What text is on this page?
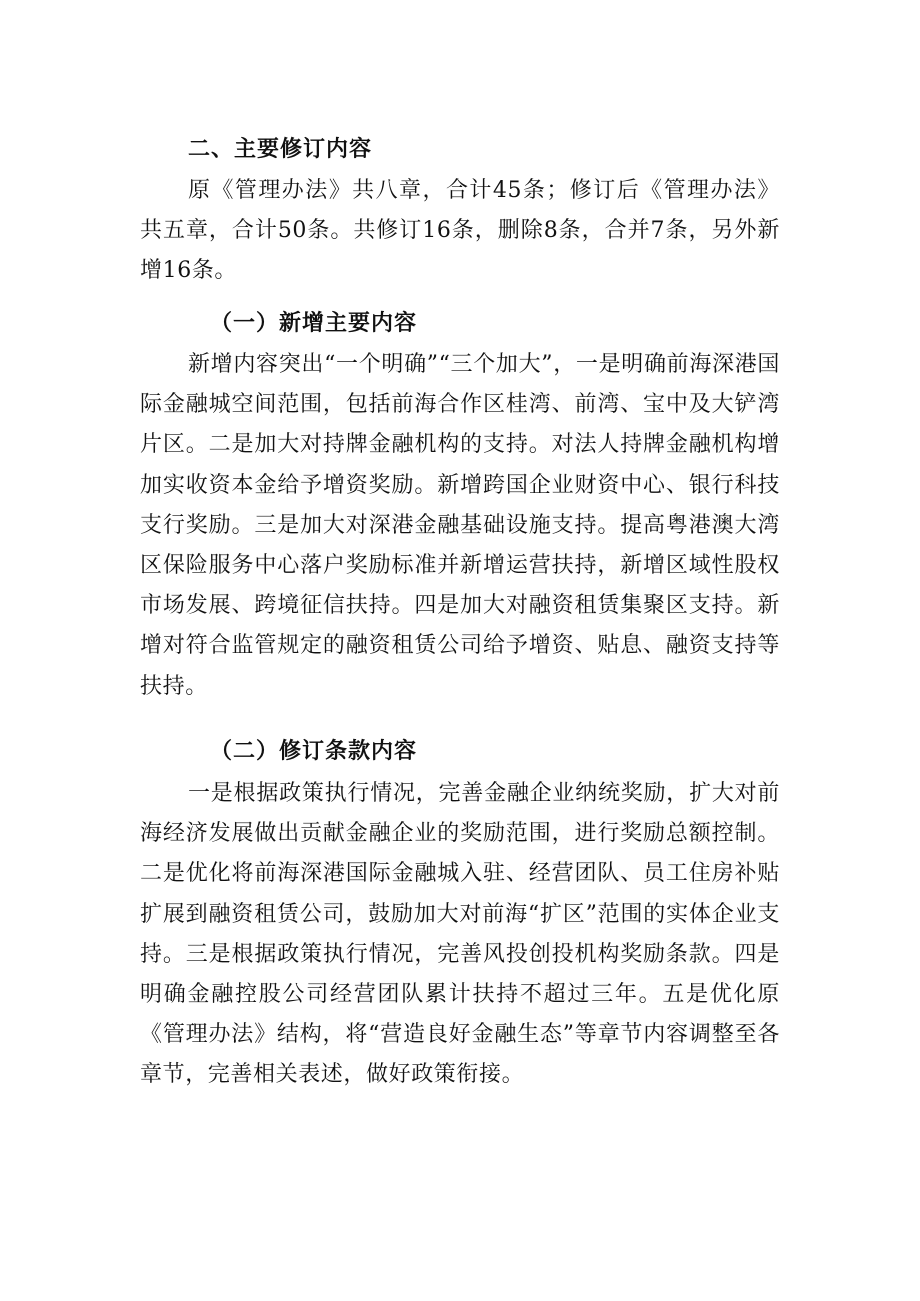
二、主要修订内容

原《管理办法》共八章，合计45条；修订后《管理办法》共五章，合计50条。共修订16条，删除8条，合并7条，另外新增16条。

（一）新增主要内容

新增内容突出“一个明确”“三个加大”，一是明确前海深港国际金融城空间范围，包括前海合作区桂湾、前湾、宝中及大铲湾片区。二是加大对持牌金融机构的支持。对法人持牌金融机构增加实收资本金给予增资奖励。新增跨国企业财资中心、银行科技支行奖励。三是加大对深港金融基础设施支持。提高粤港澳大湾区保险服务中心落户奖励标准并新增运营扶持，新增区域性股权市场发展、跨境征信扶持。四是加大对融资租赁集聚区支持。新增对符合监管规定的融资租赁公司给予增资、贴息、融资支持等扶持。

（二）修订条款内容

一是根据政策执行情况，完善金融企业纳统奖励，扩大对前海经济发展做出贡献金融企业的奖励范围，进行奖励总额控制。二是优化将前海深港国际金融城入驻、经营团队、员工住房补贴扩展到融资租赁公司，鼓励加大对前海“扩区”范围的实体企业支持。三是根据政策执行情况，完善风投创投机构奖励条款。四是明确金融控股公司经营团队累计扶持不超过三年。五是优化原《管理办法》结构，将“营造良好金融生态”等章节内容调整至各章节，完善相关表述，做好政策衔接。
